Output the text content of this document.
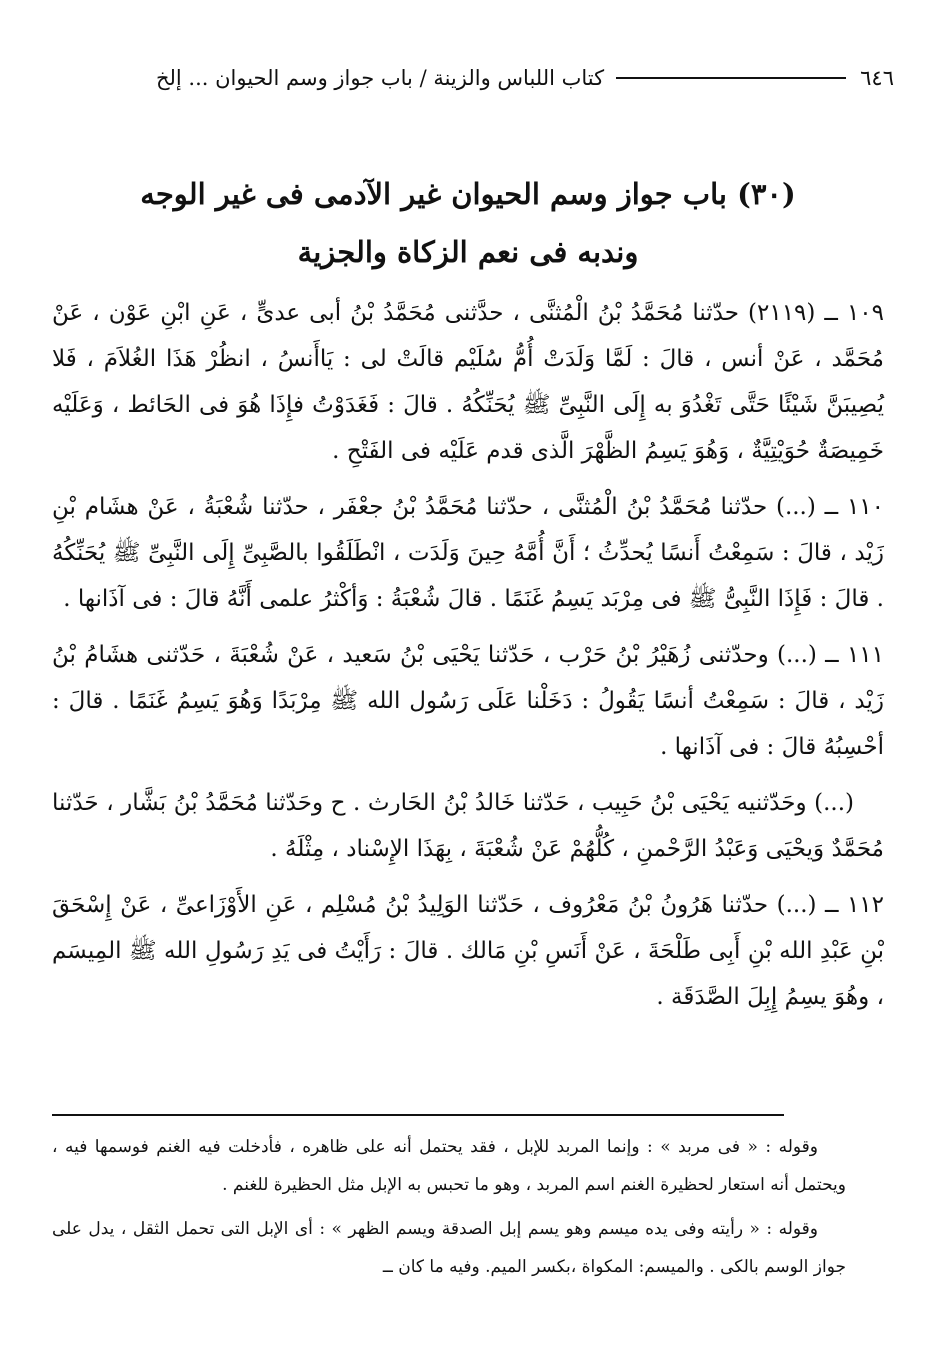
٦٤٦
كتاب اللباس والزينة / باب جواز وسم الحيوان ... إلخ
(٣٠) باب جواز وسم الحيوان غير الآدمى فى غير الوجه وندبه فى نعم الزكاة والجزية

١٠٩ ــ (٢١١٩) حدّثنا مُحَمَّدُ بْنُ الْمُثنَّى ، حدَّثنى مُحَمَّدُ بْنُ أبى عدىٍّ ، عَنِ ابْنِ عَوْن ، عَنْ مُحَمَّد ، عَنْ أنس ، قالَ : لَمَّا وَلَدَتْ أُمُّ سُلَيْم قالَتْ لى : يَاأَنسُ ، انظُرْ هَذَا الغُلاَمَ ، فَلا يُصِيبَنَّ شَيْئًا حَتَّى تَغْدُوَ به إِلَى النَّبِىِّ ﷺ يُحَنِّكُهُ . قالَ : فَغَدَوْتُ فإِذَا هُوَ فى الحَائط ، وَعَلَيْه خَمِيصَةٌ حُوَيْتِيَّةٌ ، وَهُوَ يَسِمُ الظَّهْرَ الَّذى قدم عَلَيْه فى الفَتْحِ .

١١٠ ــ (...) حدّثنا مُحَمَّدُ بْنُ الْمُثنَّى ، حدّثنا مُحَمَّدُ بْنُ جعْفَر ، حدّثنا شُعْبَةُ ، عَنْ هشَام بْنِ زَيْد ، قالَ : سَمِعْتُ أَنسًا يُحدِّثُ ؛ أَنَّ أُمَّهُ حِينَ وَلَدَت ، انْطَلَقُوا بالصَّبِىِّ إِلَى النَّبِىِّ ﷺ يُحَنِّكُهُ . قالَ : فَإِذَا النَّبِىُّ ﷺ فى مِرْبَد يَسِمُ غَنَمًا . قالَ شُعْبَةُ : وَأكْثرُ علمى أَنَّهُ قالَ : فى آذَانها .

١١١ ــ (...) وحدّثنى زُهَيْرُ بْنُ حَرْب ، حَدّثنا يَحْيَى بْنُ سَعيد ، عَنْ شُعْبَةَ ، حَدّثنى هشَامُ بْنُ زَيْد ، قالَ : سَمِعْتُ أنسًا يَقُولُ : دَخَلْنا عَلَى رَسُول الله ﷺ مِرْبَدًا وَهُوَ يَسِمُ غَنَمًا . قالَ : أحْسِبُهُ قالَ : فى آذَانها .

(...) وحَدّثنيه يَحْيَى بْنُ حَبِيب ، حَدّثنا خَالدُ بْنُ الحَارث . ح وحَدّثنا مُحَمَّدُ بْنُ بَشَّار ، حَدّثنا مُحَمَّدٌ وَيحْيَى وَعَبْدُ الرَّحْمنِ ، كُلُّهُمْ عَنْ شُعْبَةَ ، بِهَذَا الإِسْناد ، مِثْلَهُ .

١١٢ ــ (...) حدّثنا هَرُونُ بْنُ مَعْرُوف ، حَدّثنا الوَلِيدُ بْنُ مُسْلِم ، عَنِ الأَوْزَاعىِّ ، عَنْ إِسْحَقَ بْنِ عَبْدِ الله بْنِ أَبِى طَلْحَةَ ، عَنْ أَنَسِ بْنِ مَالك . قالَ : رَأَيْتُ فى يَدِ رَسُولِ الله ﷺ المِيسَم ، وهُوَ يسِمُ إِبِلَ الصَّدَقَة .

وقوله : « فى مربد » : وإنما المربد للإبل ، فقد يحتمل أنه على ظاهره ، فأدخلت فيه الغنم فوسمها فيه ، ويحتمل أنه استعار لحظيرة الغنم اسم المربد ، وهو ما تحبس به الإبل مثل الحظيرة للغنم .

وقوله : « رأيته وفى يده ميسم وهو يسم إبل الصدقة ويسم الظهر » : أى الإبل التى تحمل الثقل ، يدل على جواز الوسم بالكى . والميسم: المكواة ،بكسر الميم. وفيه ما كان ــ
